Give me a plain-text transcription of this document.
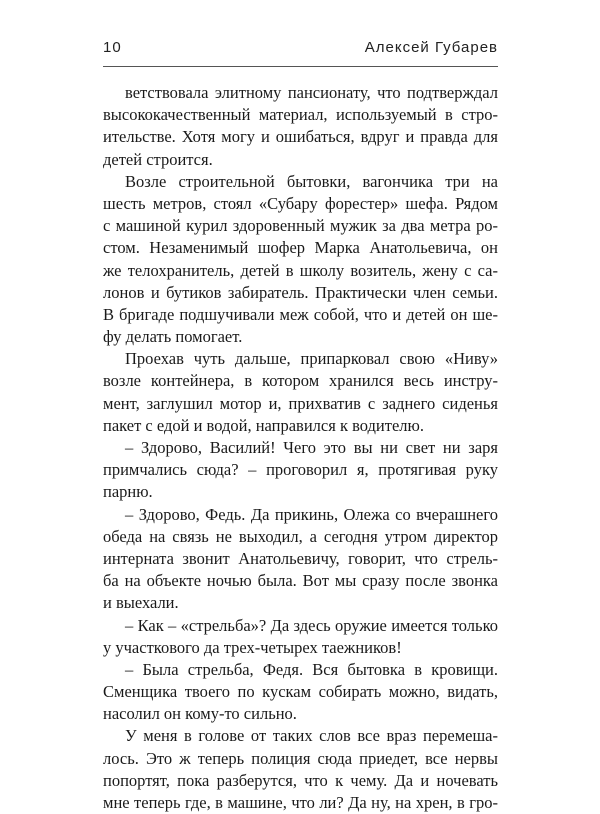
10	Алексей Губарев
ветствовала элитному пансионату, что подтверждал
высококачественный материал, используемый в стро-
ительстве. Хотя могу и ошибаться, вдруг и правда для
детей строится.
Возле строительной бытовки, вагончика три на
шесть метров, стоял «Субару форестер» шефа. Рядом
с машиной курил здоровенный мужик за два метра ро-
стом. Незаменимый шофер Марка Анатольевича, он
же телохранитель, детей в школу возитель, жену с са-
лонов и бутиков забиратель. Практически член семьи.
В бригаде подшучивали меж собой, что и детей он ше-
фу делать помогает.
Проехав чуть дальше, припарковал свою «Ниву»
возле контейнера, в котором хранился весь инстру-
мент, заглушил мотор и, прихватив с заднего сиденья
пакет с едой и водой, направился к водителю.
– Здорово, Василий! Чего это вы ни свет ни заря
примчались сюда? – проговорил я, протягивая руку
парню.
– Здорово, Федь. Да прикинь, Олежа со вчерашнего
обеда на связь не выходил, а сегодня утром директор
интерната звонит Анатольевичу, говорит, что стрель-
ба на объекте ночью была. Вот мы сразу после звонка
и выехали.
– Как – «стрельба»? Да здесь оружие имеется только
у участкового да трех-четырех таежников!
– Была стрельба, Федя. Вся бытовка в кровищи.
Сменщика твоего по кускам собирать можно, видать,
насолил он кому-то сильно.
У меня в голове от таких слов все враз перемеша-
лось. Это ж теперь полиция сюда приедет, все нервы
попортят, пока разберутся, что к чему. Да и ночевать
мне теперь где, в машине, что ли? Да ну, на хрен, в гро-
